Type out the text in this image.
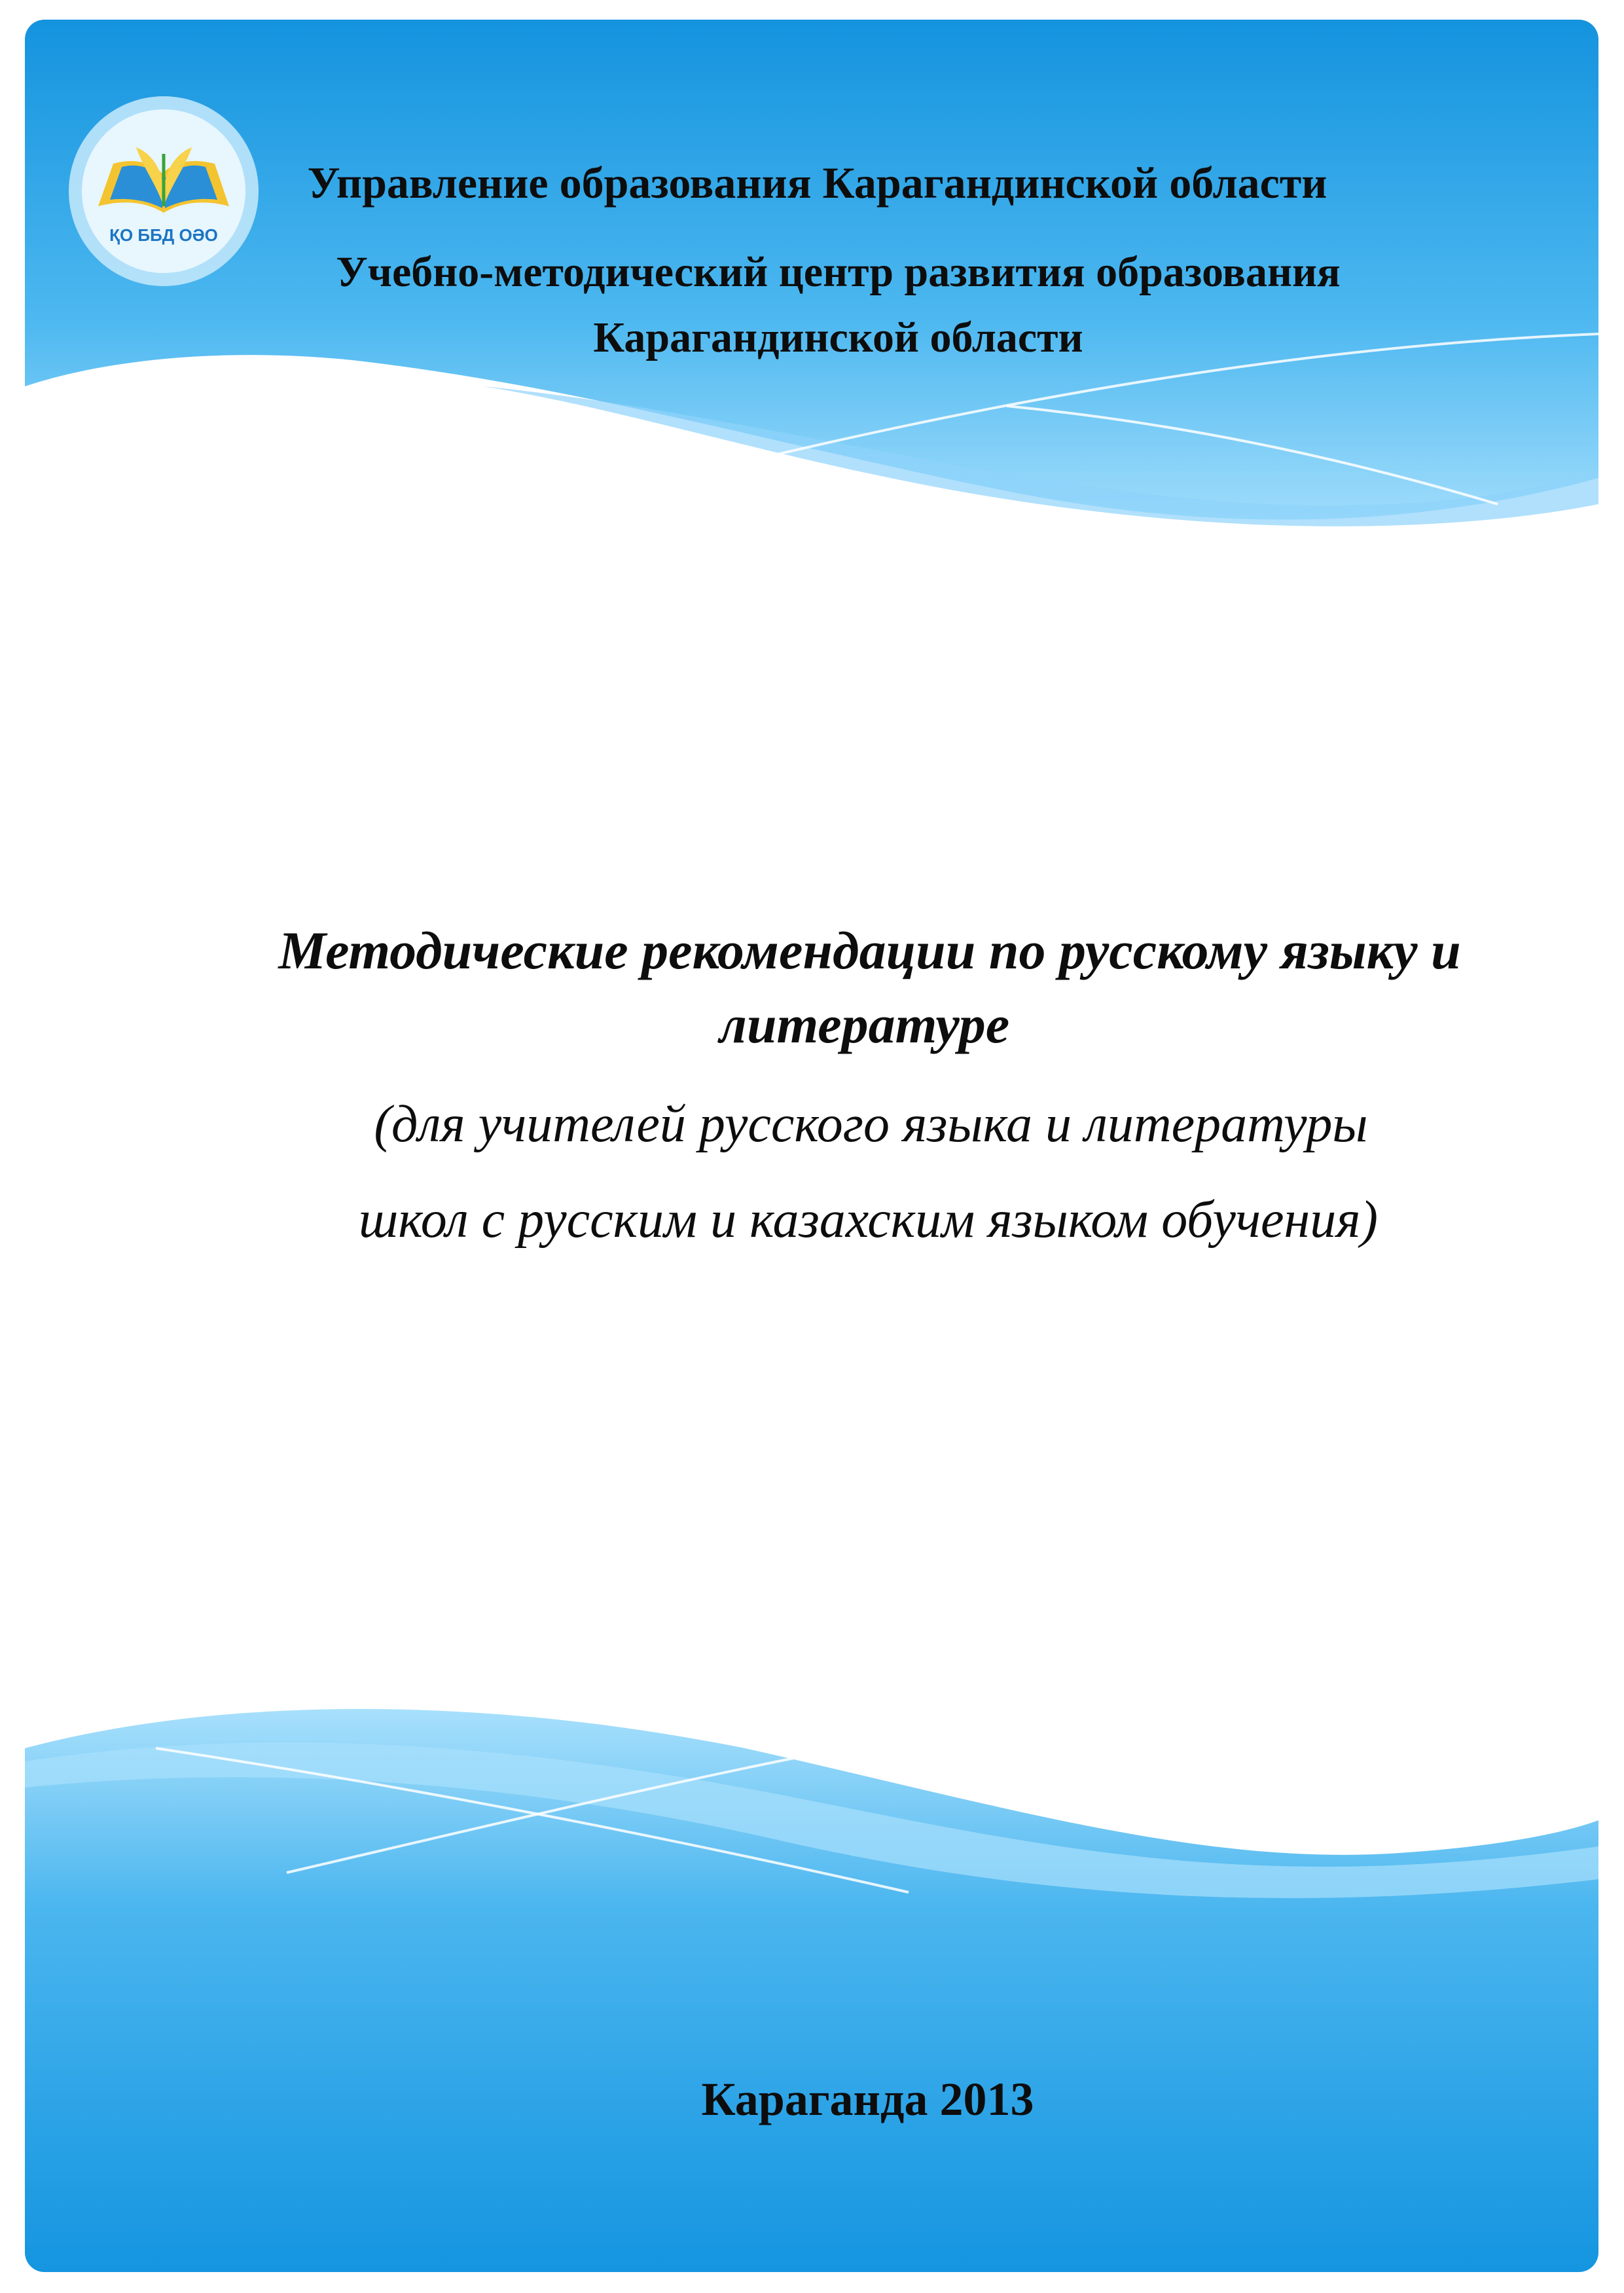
ҚО ББД ОӘО
Управление образования Карагандинской области
Учебно-методический центр развития образования
Карагандинской области
Методические рекомендации по русскому языку и
литературе
(для учителей русского языка и литературы
школ с русским и казахским языком обучения)
Караганда 2013
